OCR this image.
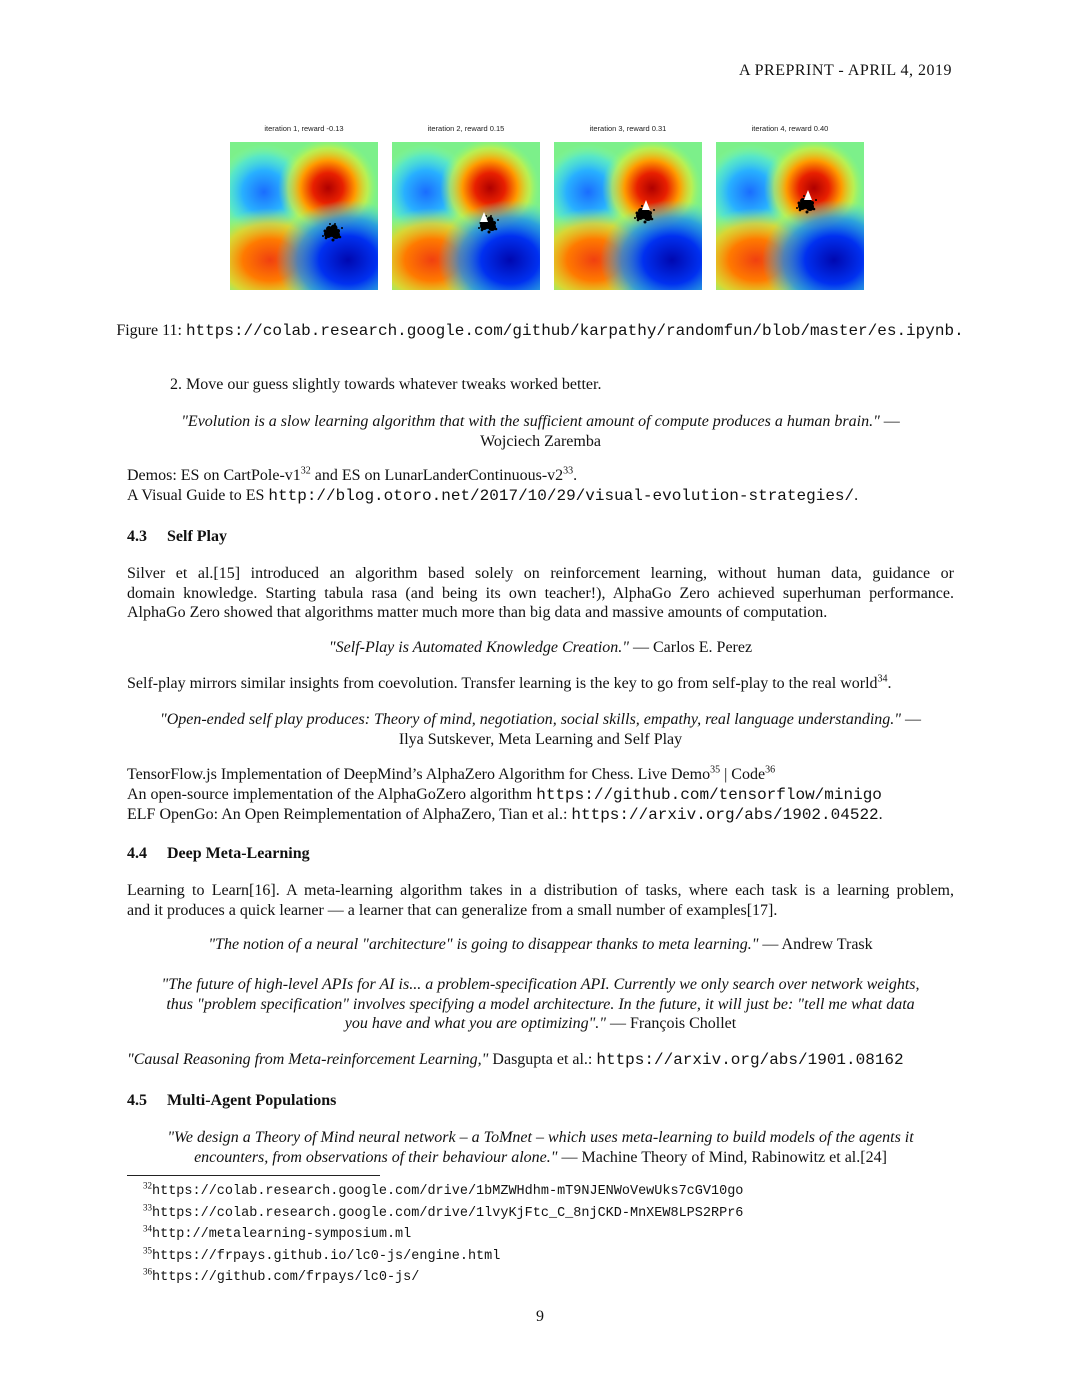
A PREPRINT - APRIL 4, 2019
iteration 1, reward -0.13	iteration 2, reward 0.15	iteration 3, reward 0.31	iteration 4, reward 0.40
Figure 11: https://colab.research.google.com/github/karpathy/randomfun/blob/master/es.ipynb.
2. Move our guess slightly towards whatever tweaks worked better.
"Evolution is a slow learning algorithm that with the sufficient amount of compute produces a human brain." —
Wojciech Zaremba
Demos: ES on CartPole-$v1^{32}$ and ES on LunarLanderContinuous-$v2^{33}$.
A Visual Guide to ES http://blog.otoro.net/2017/10/29/visual-evolution-strategies/.
4.3 Self Play
Silver et al.[15] introduced an algorithm based solely on reinforcement learning, without human data, guidance or
domain knowledge. Starting tabula rasa (and being its own teacher!), AlphaGo Zero achieved superhuman performance.
AlphaGo Zero showed that algorithms matter much more than big data and massive amounts of computation.
"Self-Play is Automated Knowledge Creation." — Carlos E. Perez
Self-play mirrors similar insights from coevolution. Transfer learning is the key to go from self-play to the real world$^{34}$.
"Open-ended self play produces: Theory of mind, negotiation, social skills, empathy, real language understanding." —
Ilya Sutskever, Meta Learning and Self Play
TensorFlow.js Implementation of DeepMind’s AlphaZero Algorithm for Chess. Live Demo$^{35}$ | Code$^{36}$
An open-source implementation of the AlphaGoZero algorithm https://github.com/tensorflow/minigo
ELF OpenGo: An Open Reimplementation of AlphaZero, Tian et al.: https://arxiv.org/abs/1902.04522.
4.4 Deep Meta-Learning
Learning to Learn[16]. A meta-learning algorithm takes in a distribution of tasks, where each task is a learning problem,
and it produces a quick learner — a learner that can generalize from a small number of examples[17].
"The notion of a neural "architecture" is going to disappear thanks to meta learning." — Andrew Trask
"The future of high-level APIs for AI is... a problem-specification API. Currently we only search over network weights,
thus "problem specification" involves specifying a model architecture. In the future, it will just be: "tell me what data
you have and what you are optimizing"." — François Chollet
"Causal Reasoning from Meta-reinforcement Learning," Dasgupta et al.: https://arxiv.org/abs/1901.08162
4.5 Multi-Agent Populations
"We design a Theory of Mind neural network – a ToMnet – which uses meta-learning to build models of the agents it
encounters, from observations of their behaviour alone." — Machine Theory of Mind, Rabinowitz et al.[24]
$^{32}$https://colab.research.google.com/drive/1bMZWHdhm-mT9NJENWoVewUks7cGV10go
$^{33}$https://colab.research.google.com/drive/1lvyKjFtc_C_8njCKD-MnXEW8LPS2RPr6
$^{34}$http://metalearning-symposium.ml
$^{35}$https://frpays.github.io/lc0-js/engine.html
$^{36}$https://github.com/frpays/lc0-js/
9
